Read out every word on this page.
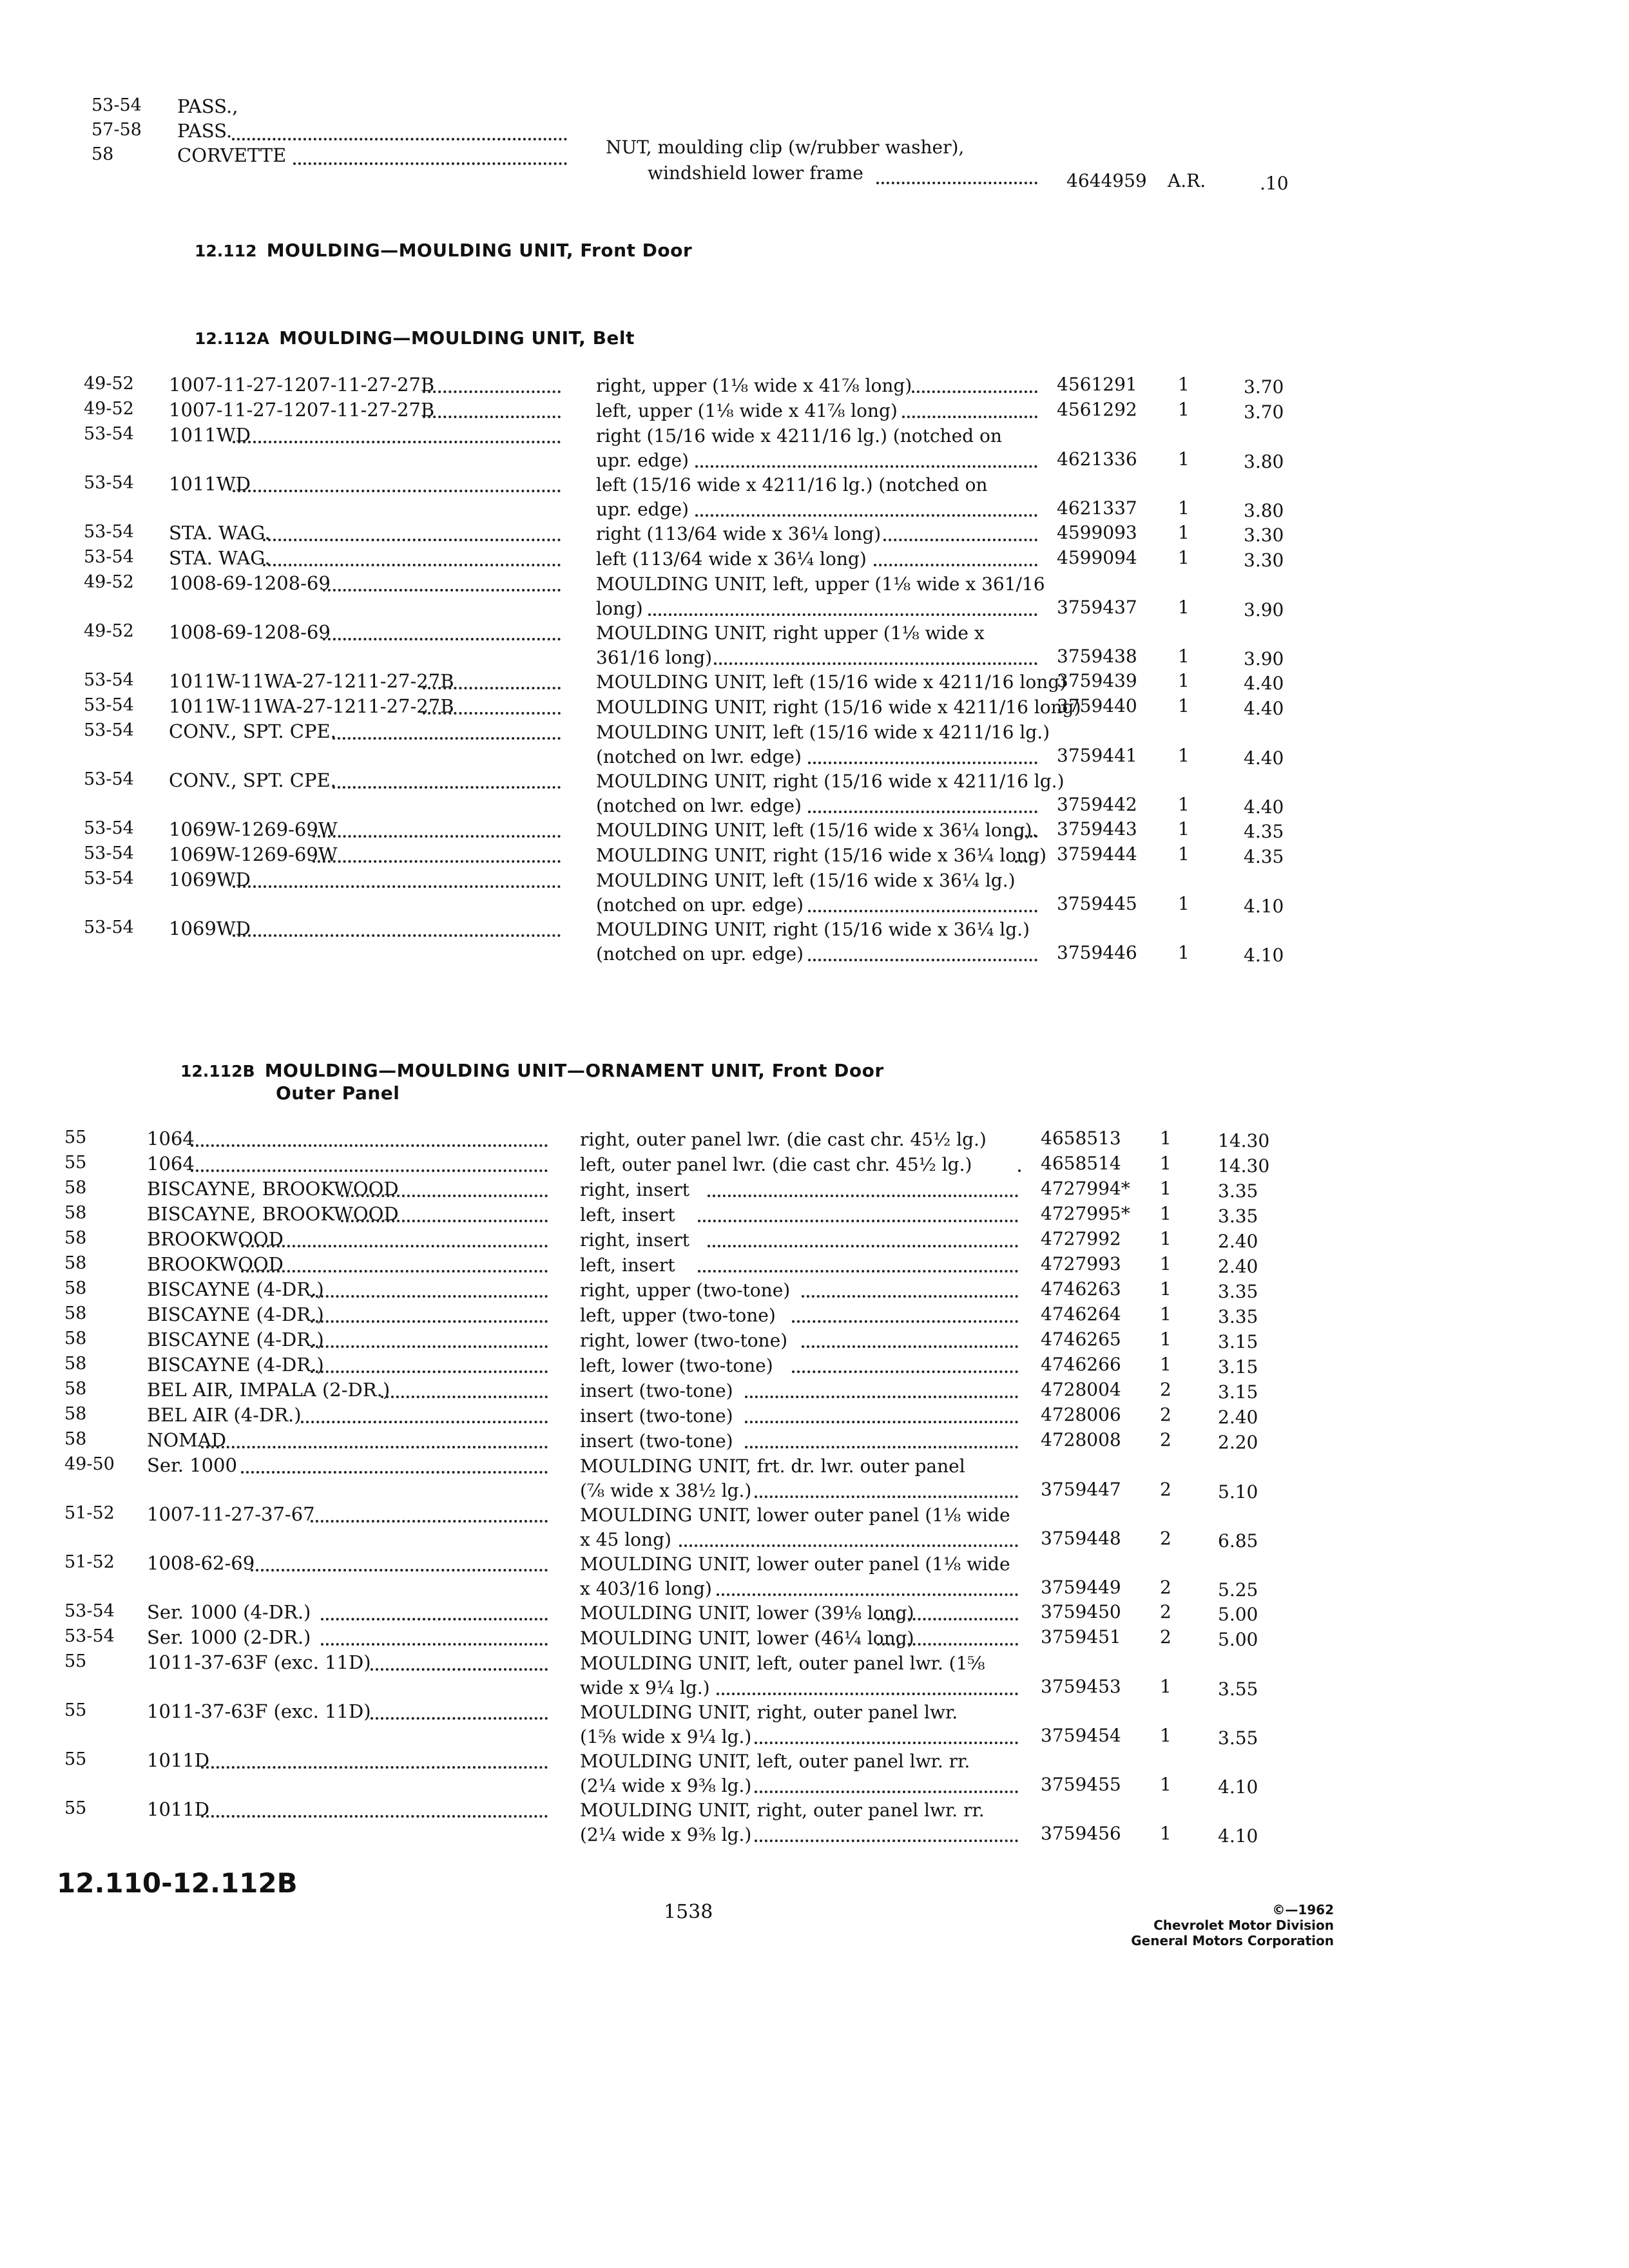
53-54 PASS.,
57-58 PASS.
58	CORVETTE	NUT, moulding clip (w/rubber washer),
windshield lower frame	4644959 A.R.	.10
12.112 MOULDING—MOULDING UNIT, Front Door
12.112A MOULDING—MOULDING UNIT, Belt
49-52 1007-11-27-1207-11-27-27B	right, upper (1⅛ wide x 41⅞ long)	4561291 1	3.70
49-52 1007-11-27-1207-11-27-27B	left, upper (1⅛ wide x 41⅞ long)	4561292 1	3.70
53-54 1011WD	right (15/16 wide x 4211/16 lg.) (notched on
upr. edge)	4621336 1	3.80
53-54 1011WD	left (15/16 wide x 4211/16 lg.) (notched on
upr. edge)	4621337 1	3.80
53-54 STA. WAG.	right (113/64 wide x 36¼ long)	4599093 1	3.30
53-54 STA. WAG.	left (113/64 wide x 36¼ long)	4599094 1	3.30
49-52 1008-69-1208-69	MOULDING UNIT, left, upper (1⅛ wide x 361/16
long)	3759437 1	3.90
49-52 1008-69-1208-69	MOULDING UNIT, right upper (1⅛ wide x
361/16 long)	3759438 1	3.90
53-54 1011W-11WA-27-1211-27-27B	MOULDING UNIT, left (15/16 wide x 4211/16 long)
3759439 1	4.40
53-54 1011W-11WA-27-1211-27-27B	MOULDING UNIT, right (15/16 wide x 4211/16 long)
3759440 1	4.40
53-54 CONV., SPT. CPE.	MOULDING UNIT, left (15/16 wide x 4211/16 lg.)
(notched on lwr. edge)	3759441 1	4.40
53-54 CONV., SPT. CPE.	MOULDING UNIT, right (15/16 wide x 4211/16 lg.)
(notched on lwr. edge)	3759442 1	4.40
53-54 1069W-1269-69W	MOULDING UNIT, left (15/16 wide x 36¼ long). 3759443 1	4.35
53-54 1069W-1269-69W	MOULDING UNIT, right (15/16 wide x 36¼ long) 3759444 1	4.35
53-54 1069WD	MOULDING UNIT, left (15/16 wide x 36¼ lg.)
(notched on upr. edge)	3759445 1	4.10
53-54 1069WD	MOULDING UNIT, right (15/16 wide x 36¼ lg.)
(notched on upr. edge)	3759446 1	4.10
12.112B MOULDING—MOULDING UNIT—ORNAMENT UNIT, Front Door
Outer Panel
55	1064	right, outer panel lwr. (die cast chr. 45½ lg.)	4658513 1	14.30
55	1064	left, outer panel lwr. (die cast chr. 45½ lg.)	4658514 1	14.30
58	BISCAYNE, BROOKWOOD	right, insert	4727994* 1	3.35
58	BISCAYNE, BROOKWOOD	left, insert	4727995* 1	3.35
58	BROOKWOOD	right, insert	4727992 1	2.40
58	BROOKWOOD	left, insert	4727993 1	2.40
58	BISCAYNE (4-DR.)	right, upper (two-tone)	4746263 1	3.35
58	BISCAYNE (4-DR.)	left, upper (two-tone)	4746264 1	3.35
58	BISCAYNE (4-DR.)	right, lower (two-tone)	4746265 1	3.15
58	BISCAYNE (4-DR.)	left, lower (two-tone)	4746266 1	3.15
58	BEL AIR, IMPALA (2-DR.)	insert (two-tone)	4728004 2	3.15
58	BEL AIR (4-DR.)	insert (two-tone)	4728006 2	2.40
58	NOMAD	insert (two-tone)	4728008 2	2.20
49-50 Ser. 1000	MOULDING UNIT, frt. dr. lwr. outer panel
(⅞ wide x 38½ lg.)	3759447 2	5.10
51-52 1007-11-27-37-67	MOULDING UNIT, lower outer panel (1⅛ wide
x 45 long)	3759448 2	6.85
51-52 1008-62-69	MOULDING UNIT, lower outer panel (1⅛ wide
x 403/16 long)	3759449 2	5.25
53-54 Ser. 1000 (4-DR.)	MOULDING UNIT, lower (39⅛ long)	3759450 2	5.00
53-54 Ser. 1000 (2-DR.)	MOULDING UNIT, lower (46¼ long)	3759451 2	5.00
55	1011-37-63F (exc. 11D)	MOULDING UNIT, left, outer panel lwr. (1⅝
wide x 9¼ lg.)	3759453 1	3.55
55	1011-37-63F (exc. 11D)	MOULDING UNIT, right, outer panel lwr.
(1⅝ wide x 9¼ lg.)	3759454 1	3.55
55	1011D	MOULDING UNIT, left, outer panel lwr. rr.
(2¼ wide x 9⅜ lg.)	3759455 1	4.10
55	1011D	MOULDING UNIT, right, outer panel lwr. rr.
(2¼ wide x 9⅜ lg.)	3759456 1	4.10
12.110-12.112B
1538	©—1962
Chevrolet Motor Division
General Motors Corporation
